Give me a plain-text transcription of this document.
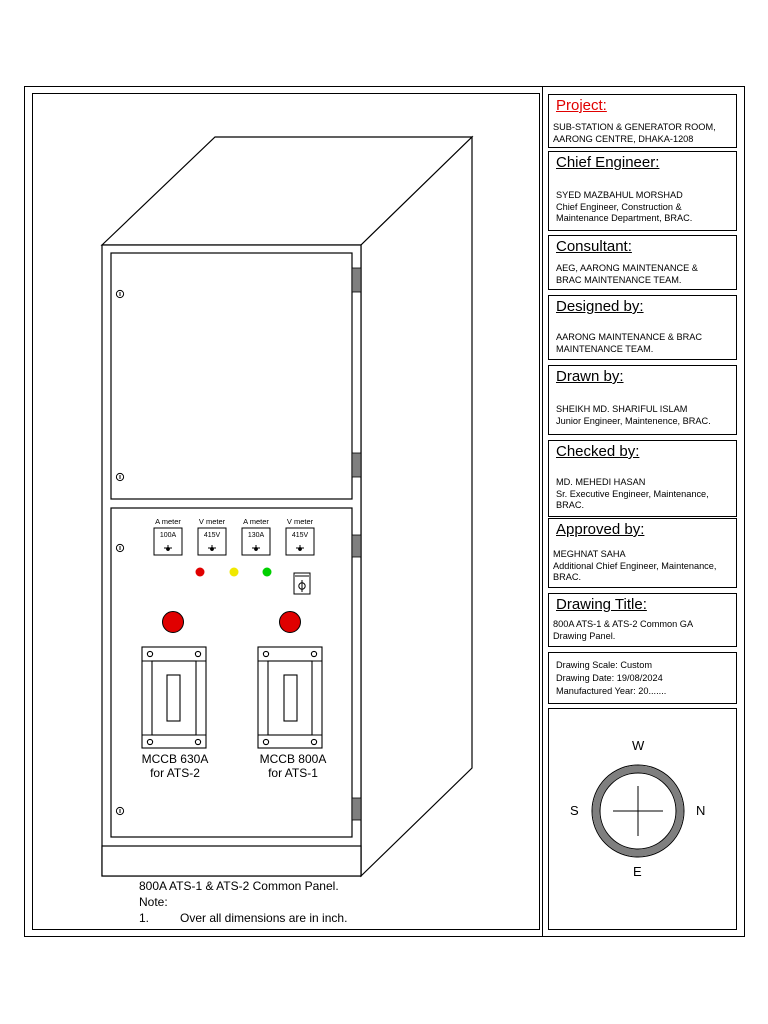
A meter
100A
V meter
415V
A meter
130A
V meter
415V
MCCB 630A
for ATS-2
MCCB 800A
for ATS-1
800A ATS-1 & ATS-2 Common Panel.
Note:
1.	Over all dimensions are in inch.
Project:
SUB-STATION & GENERATOR ROOM,
AARONG CENTRE, DHAKA-1208
Chief Engineer:
SYED MAZBAHUL MORSHAD
Chief Engineer, Construction &
Maintenance Department, BRAC.
Consultant:
AEG, AARONG MAINTENANCE &
BRAC MAINTENANCE TEAM.
Designed by:
AARONG MAINTENANCE & BRAC
MAINTENANCE TEAM.
Drawn by:
SHEIKH MD. SHARIFUL ISLAM
Junior Engineer, Maintenence, BRAC.
Checked by:
MD. MEHEDI HASAN
Sr. Executive Engineer, Maintenance,
BRAC.
Approved by:
MEGHNAT SAHA
Additional Chief Engineer, Maintenance,
BRAC.
Drawing Title:
800A ATS-1 & ATS-2 Common GA
Drawing Panel.
Drawing Scale: Custom
Drawing Date: 19/08/2024
Manufactured Year: 20.......
W
S	N
E
